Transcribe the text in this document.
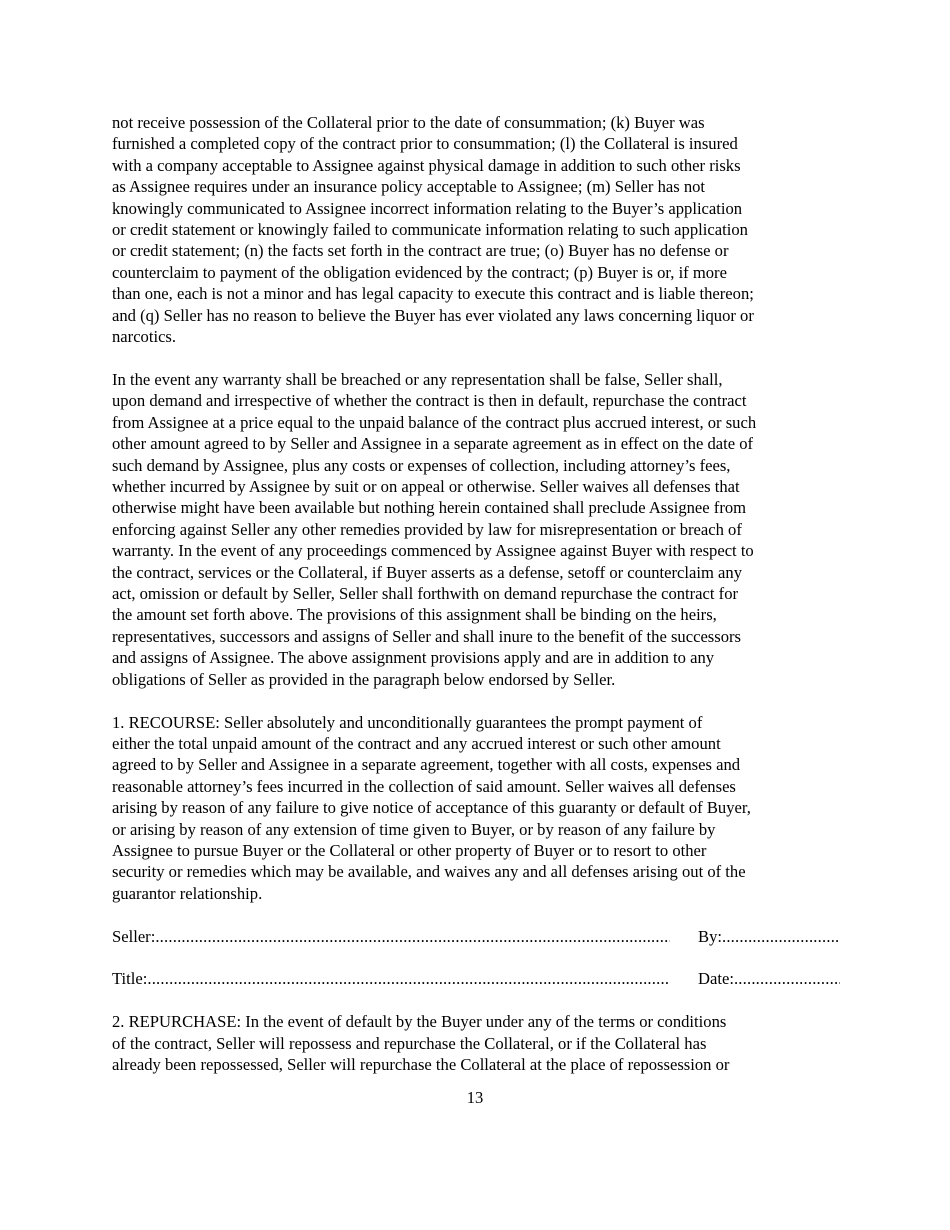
not receive possession of the Collateral prior to the date of consummation; (k) Buyer was
furnished a completed copy of the contract prior to consummation; (l) the Collateral is insured
with a company acceptable to Assignee against physical damage in addition to such other risks
as Assignee requires under an insurance policy acceptable to Assignee; (m) Seller has not
knowingly communicated to Assignee incorrect information relating to the Buyer’s application
or credit statement or knowingly failed to communicate information relating to such application
or credit statement; (n) the facts set forth in the contract are true; (o) Buyer has no defense or
counterclaim to payment of the obligation evidenced by the contract; (p) Buyer is or, if more
than one, each is not a minor and has legal capacity to execute this contract and is liable thereon;
and (q) Seller has no reason to believe the Buyer has ever violated any laws concerning liquor or
narcotics.

In the event any warranty shall be breached or any representation shall be false, Seller shall,
upon demand and irrespective of whether the contract is then in default, repurchase the contract
from Assignee at a price equal to the unpaid balance of the contract plus accrued interest, or such
other amount agreed to by Seller and Assignee in a separate agreement as in effect on the date of
such demand by Assignee, plus any costs or expenses of collection, including attorney’s fees,
whether incurred by Assignee by suit or on appeal or otherwise. Seller waives all defenses that
otherwise might have been available but nothing herein contained shall preclude Assignee from
enforcing against Seller any other remedies provided by law for misrepresentation or breach of
warranty. In the event of any proceedings commenced by Assignee against Buyer with respect to
the contract, services or the Collateral, if Buyer asserts as a defense, setoff or counterclaim any
act, omission or default by Seller, Seller shall forthwith on demand repurchase the contract for
the amount set forth above. The provisions of this assignment shall be binding on the heirs,
representatives, successors and assigns of Seller and shall inure to the benefit of the successors
and assigns of Assignee. The above assignment provisions apply and are in addition to any
obligations of Seller as provided in the paragraph below endorsed by Seller.

1. RECOURSE: Seller absolutely and unconditionally guarantees the prompt payment of
either the total unpaid amount of the contract and any accrued interest or such other amount
agreed to by Seller and Assignee in a separate agreement, together with all costs, expenses and
reasonable attorney’s fees incurred in the collection of said amount. Seller waives all defenses
arising by reason of any failure to give notice of acceptance of this guaranty or default of Buyer,
or arising by reason of any extension of time given to Buyer, or by reason of any failure by
Assignee to pursue Buyer or the Collateral or other property of Buyer or to resort to other
security or remedies which may be available, and waives any and all defenses arising out of the
guarantor relationship.

Seller: .....	By:
.....
Title: .....	Date:
.....

2. REPURCHASE: In the event of default by the Buyer under any of the terms or conditions
of the contract, Seller will repossess and repurchase the Collateral, or if the Collateral has
already been repossessed, Seller will repurchase the Collateral at the place of repossession or

13
